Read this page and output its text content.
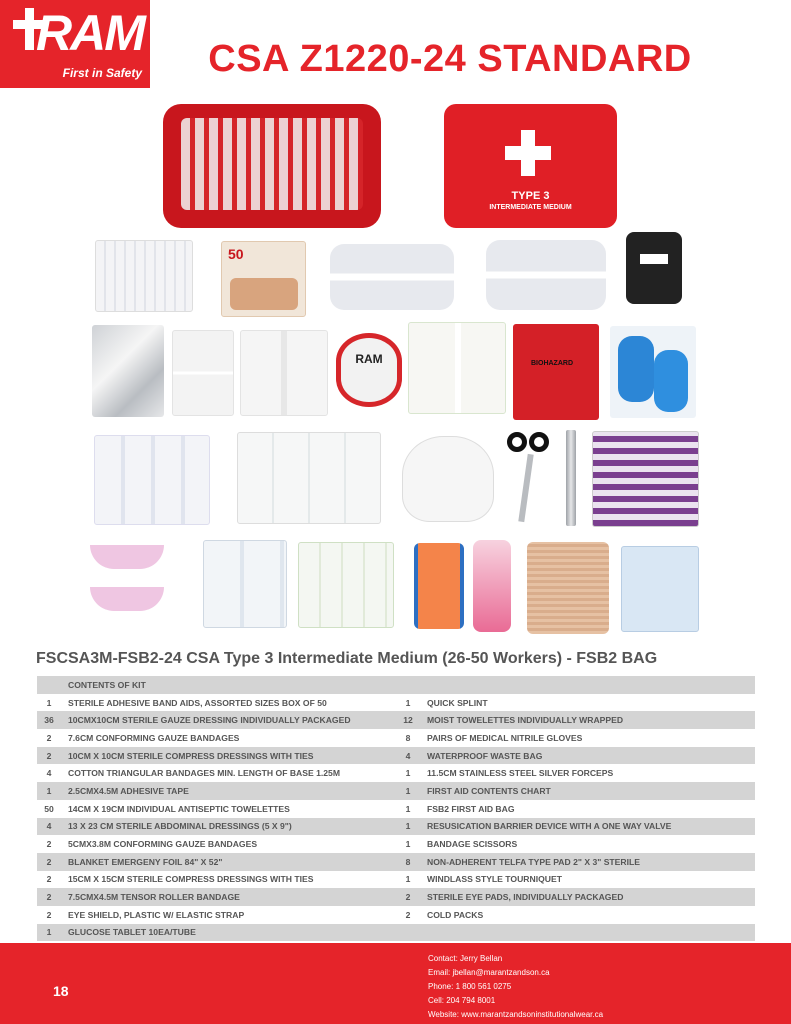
RAM
First in Safety	CSA Z1220-24 STANDARD
TYPE 3
INTERMEDIATE MEDIUM
50
RAM	BIOHAZARD
FSCSA3M-FSB2-24 CSA Type 3 Intermediate Medium (26-50 Workers) - FSB2 BAG
CONTENTS OF KIT
1	STERILE ADHESIVE BAND AIDS, ASSORTED SIZES BOX OF 50	1	QUICK SPLINT
36	10CMX10CM STERILE GAUZE DRESSING INDIVIDUALLY PACKAGED	12	MOIST TOWELETTES INDIVIDUALLY WRAPPED
2	7.6CM CONFORMING GAUZE BANDAGES	8	PAIRS OF MEDICAL NITRILE GLOVES
2	10CM X 10CM STERILE COMPRESS DRESSINGS WITH TIES	4	WATERPROOF WASTE BAG
4	COTTON TRIANGULAR BANDAGES MIN. LENGTH OF BASE 1.25M	1	11.5CM STAINLESS STEEL SILVER FORCEPS
1	2.5CMX4.5M ADHESIVE TAPE	1	FIRST AID CONTENTS CHART
50	14CM X 19CM INDIVIDUAL ANTISEPTIC TOWELETTES	1	FSB2 FIRST AID BAG
4	13 X 23 CM STERILE ABDOMINAL DRESSINGS (5 X 9")	1	RESUSICATION BARRIER DEVICE WITH A ONE WAY VALVE
2	5CMX3.8M CONFORMING GAUZE BANDAGES	1	BANDAGE SCISSORS
2	BLANKET EMERGENY FOIL 84" X 52"	8	NON-ADHERENT TELFA TYPE PAD 2" X 3" STERILE
2	15CM X 15CM STERILE COMPRESS DRESSINGS WITH TIES	1	WINDLASS STYLE TOURNIQUET
2	7.5CMX4.5M TENSOR ROLLER BANDAGE	2	STERILE EYE PADS, INDIVIDUALLY PACKAGED
2	EYE SHIELD, PLASTIC W/ ELASTIC STRAP	2	COLD PACKS
1	GLUCOSE TABLET 10EA/TUBE
18
Contact: Jerry Bellan
Email: jbellan@marantzandson.ca
Phone: 1 800 561 0275
Cell: 204 794 8001
Website: www.marantzandsoninstitutionalwear.ca
